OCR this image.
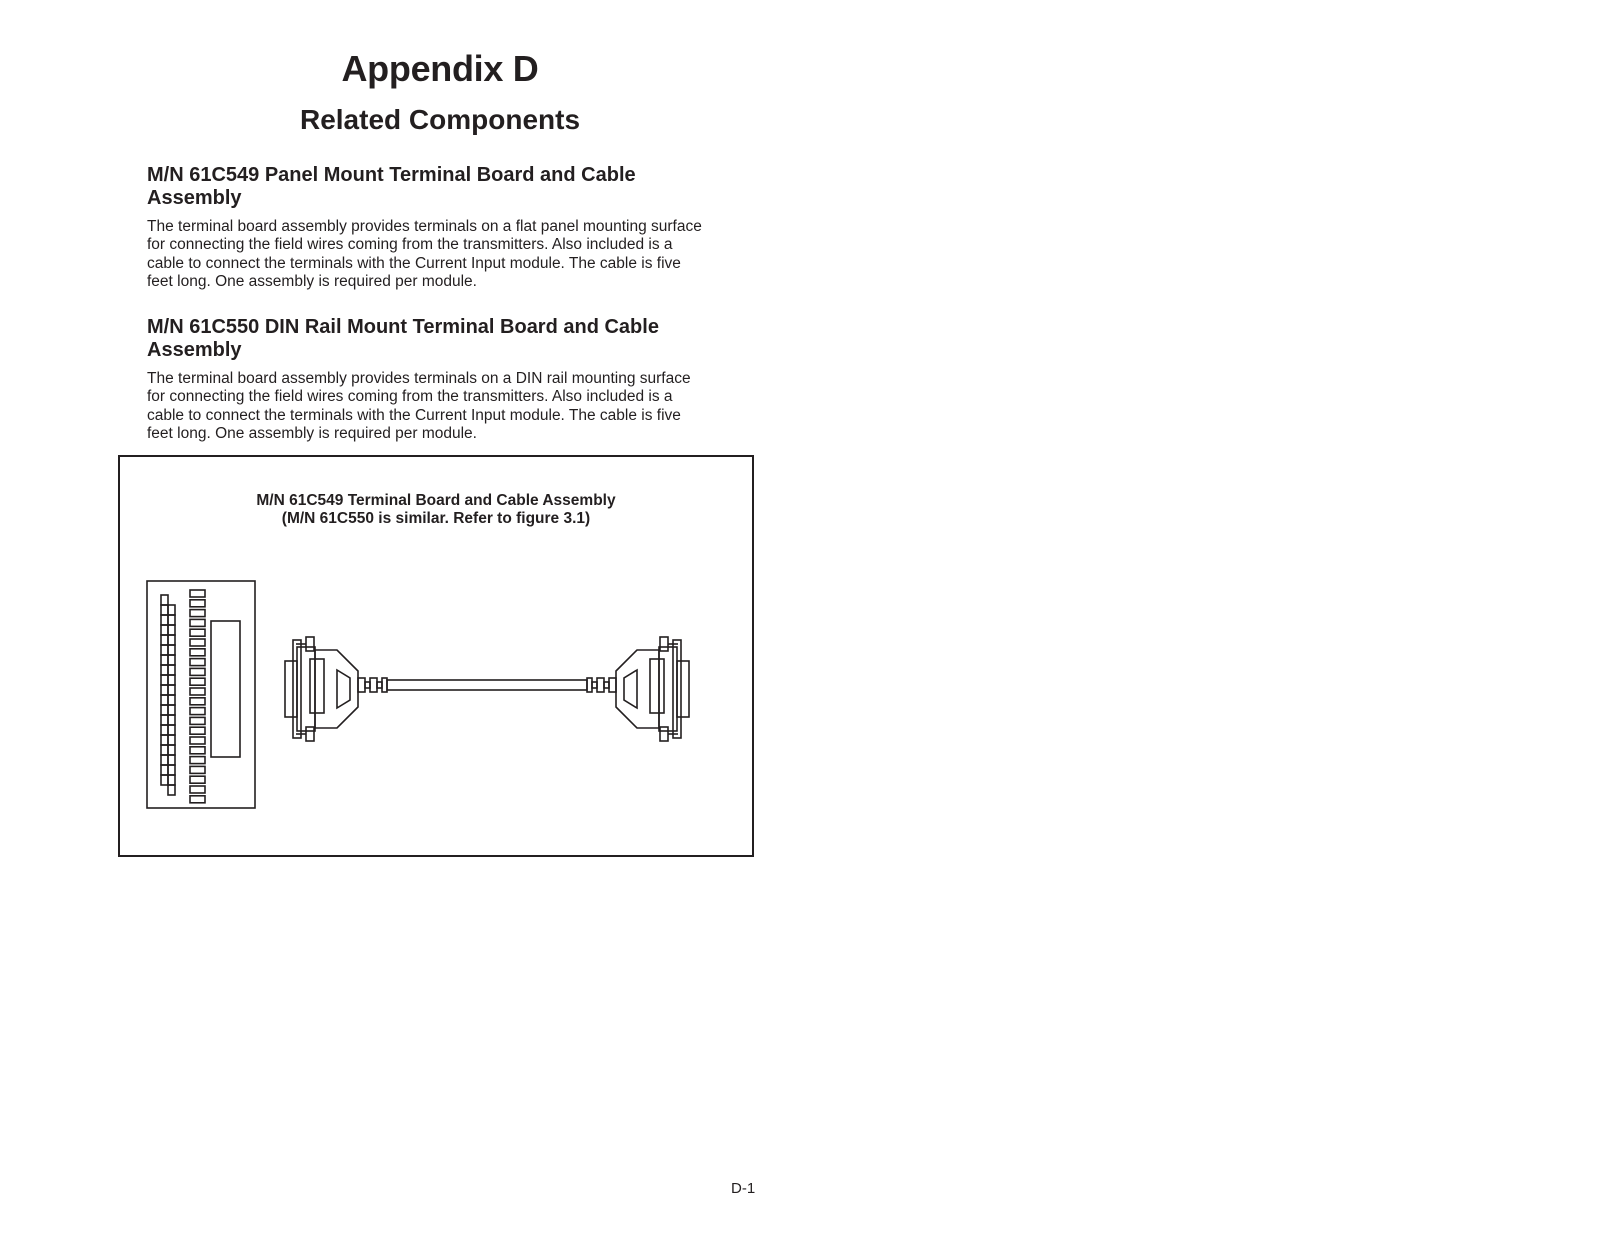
Appendix D
Related Components
M/N 61C549 Panel Mount Terminal Board and Cable
Assembly

The terminal board assembly provides terminals on a flat panel mounting surface
for connecting the field wires coming from the transmitters. Also included is a
cable to connect the terminals with the Current Input module. The cable is five
feet long. One assembly is required per module.

M/N 61C550 DIN Rail Mount Terminal Board and Cable
Assembly

The terminal board assembly provides terminals on a DIN rail mounting surface
for connecting the field wires coming from the transmitters. Also included is a
cable to connect the terminals with the Current Input module. The cable is five
feet long. One assembly is required per module.

M/N 61C549 Terminal Board and Cable Assembly
(M/N 61C550 is similar. Refer to figure 3.1)
D-1
